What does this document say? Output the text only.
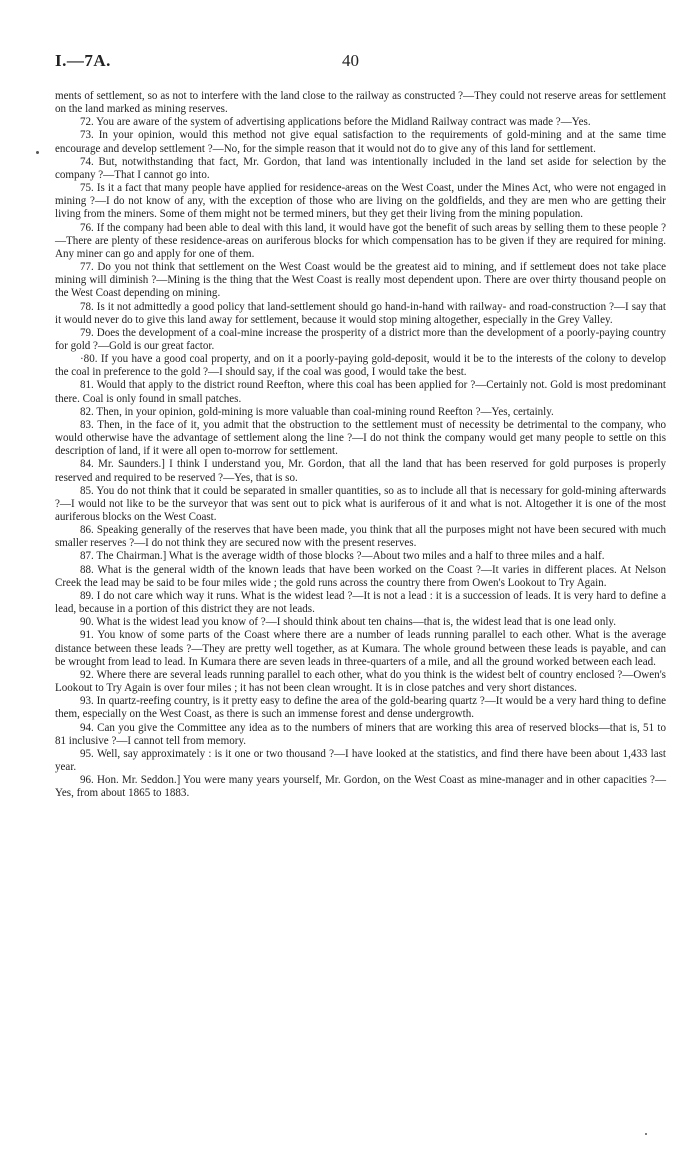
I.—7A.	40

ments of settlement, so as not to interfere with the land close to the railway as constructed ?—They could not reserve areas for settlement on the land marked as mining reserves.

72. You are aware of the system of advertising applications before the Midland Railway contract was made ?—Yes.

73. In your opinion, would this method not give equal satisfaction to the requirements of gold-mining and at the same time encourage and develop settlement ?—No, for the simple reason that it would not do to give any of this land for settlement.

74. But, notwithstanding that fact, Mr. Gordon, that land was intentionally included in the land set aside for selection by the company ?—That I cannot go into.

75. Is it a fact that many people have applied for residence-areas on the West Coast, under the Mines Act, who were not engaged in mining ?—I do not know of any, with the exception of those who are living on the goldfields, and they are men who are getting their living from the miners. Some of them might not be termed miners, but they get their living from the mining population.

76. If the company had been able to deal with this land, it would have got the benefit of such areas by selling them to these people ?—There are plenty of these residence-areas on auriferous blocks for which compensation has to be given if they are required for mining. Any miner can go and apply for one of them.

77. Do you not think that settlement on the West Coast would be the greatest aid to mining, and if settlement does not take place mining will diminish ?—Mining is the thing that the West Coast is really most dependent upon. There are over thirty thousand people on the West Coast depending on mining.

78. Is it not admittedly a good policy that land-settlement should go hand-in-hand with railway- and road-construction ?—I say that it would never do to give this land away for settlement, because it would stop mining altogether, especially in the Grey Valley.

79. Does the development of a coal-mine increase the prosperity of a district more than the development of a poorly-paying country for gold ?—Gold is our great factor.

·80. If you have a good coal property, and on it a poorly-paying gold-deposit, would it be to the interests of the colony to develop the coal in preference to the gold ?—I should say, if the coal was good, I would take the best.

81. Would that apply to the district round Reefton, where this coal has been applied for ?—Certainly not. Gold is most predominant there. Coal is only found in small patches.

82. Then, in your opinion, gold-mining is more valuable than coal-mining round Reefton ?—Yes, certainly.

83. Then, in the face of it, you admit that the obstruction to the settlement must of necessity be detrimental to the company, who would otherwise have the advantage of settlement along the line ?—I do not think the company would get many people to settle on this description of land, if it were all open to-morrow for settlement.

84. Mr. Saunders.] I think I understand you, Mr. Gordon, that all the land that has been reserved for gold purposes is properly reserved and required to be reserved ?—Yes, that is so.

85. You do not think that it could be separated in smaller quantities, so as to include all that is necessary for gold-mining afterwards ?—I would not like to be the surveyor that was sent out to pick what is auriferous of it and what is not. Altogether it is one of the most auriferous blocks on the West Coast.

86. Speaking generally of the reserves that have been made, you think that all the purposes might not have been secured with much smaller reserves ?—I do not think they are secured now with the present reserves.

87. The Chairman.] What is the average width of those blocks ?—About two miles and a half to three miles and a half.

88. What is the general width of the known leads that have been worked on the Coast ?—It varies in different places. At Nelson Creek the lead may be said to be four miles wide ; the gold runs across the country there from Owen's Lookout to Try Again.

89. I do not care which way it runs. What is the widest lead ?—It is not a lead : it is a succession of leads. It is very hard to define a lead, because in a portion of this district they are not leads.

90. What is the widest lead you know of ?—I should think about ten chains—that is, the widest lead that is one lead only.

91. You know of some parts of the Coast where there are a number of leads running parallel to each other. What is the average distance between these leads ?—They are pretty well together, as at Kumara. The whole ground between these leads is payable, and can be wrought from lead to lead. In Kumara there are seven leads in three-quarters of a mile, and all the ground worked between each lead.

92. Where there are several leads running parallel to each other, what do you think is the widest belt of country enclosed ?—Owen's Lookout to Try Again is over four miles ; it has not been clean wrought. It is in close patches and very short distances.

93. In quartz-reefing country, is it pretty easy to define the area of the gold-bearing quartz ?—It would be a very hard thing to define them, especially on the West Coast, as there is such an immense forest and dense undergrowth.

94. Can you give the Committee any idea as to the numbers of miners that are working this area of reserved blocks—that is, 51 to 81 inclusive ?—I cannot tell from memory.

95. Well, say approximately : is it one or two thousand ?—I have looked at the statistics, and find there have been about 1,433 last year.

96. Hon. Mr. Seddon.] You were many years yourself, Mr. Gordon, on the West Coast as mine-manager and in other capacities ?—Yes, from about 1865 to 1883.
